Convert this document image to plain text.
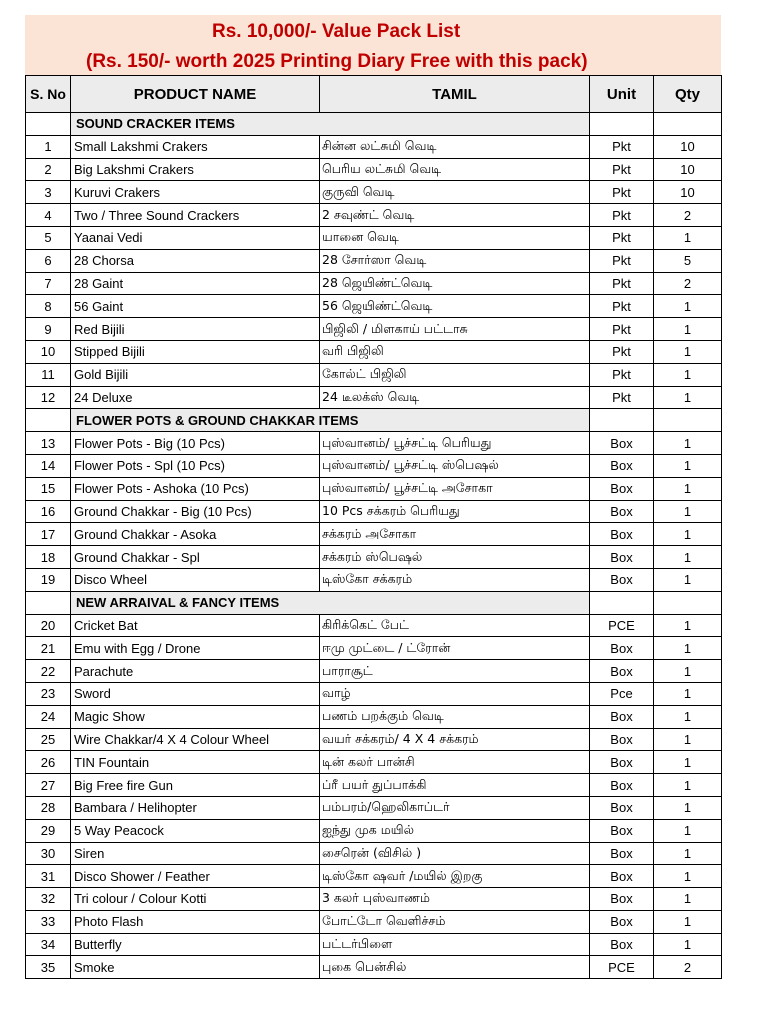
Rs. 10,000/- Value Pack List
(Rs. 150/- worth 2025 Printing Diary Free with this pack)
S. No	PRODUCT NAME	TAMIL	Unit	Qty
	SOUND CRACKER ITEMS			
1	Small Lakshmi Crakers	சின்ன லட்சுமி வெடி	Pkt	10
2	Big Lakshmi Crakers	பெரிய லட்சுமி வெடி	Pkt	10
3	Kuruvi Crakers	குருவி வெடி	Pkt	10
4	Two / Three Sound Crackers	2 சவுண்ட் வெடி	Pkt	2
5	Yaanai Vedi	யானை வெடி	Pkt	1
6	28 Chorsa	28 சோர்ஸா வெடி	Pkt	5
7	28 Gaint	28 ஜெயிண்ட்வெடி	Pkt	2
8	56 Gaint	56 ஜெயிண்ட்வெடி	Pkt	1
9	Red Bijili	பிஜிலி / மிளகாய் பட்டாசு	Pkt	1
10	Stipped Bijili	வரி பிஜிலி	Pkt	1
11	Gold Bijili	கோல்ட் பிஜிலி	Pkt	1
12	24 Deluxe	24 டீலக்ஸ் வெடி	Pkt	1
	FLOWER POTS & GROUND CHAKKAR ITEMS			
13	Flower Pots - Big (10 Pcs)	புஸ்வானம்/ பூச்சட்டி பெரியது	Box	1
14	Flower Pots - Spl (10 Pcs)	புஸ்வானம்/ பூச்சட்டி ஸ்பெஷல்	Box	1
15	Flower Pots - Ashoka (10 Pcs)	புஸ்வானம்/ பூச்சட்டி அசோகா	Box	1
16	Ground Chakkar - Big (10 Pcs)	10 Pcs சக்கரம் பெரியது	Box	1
17	Ground Chakkar - Asoka	சக்கரம் அசோகா	Box	1
18	Ground Chakkar - Spl	சக்கரம் ஸ்பெஷல்	Box	1
19	Disco Wheel	டிஸ்கோ சக்கரம்	Box	1
	NEW ARRAIVAL & FANCY ITEMS			
20	Cricket Bat	கிரிக்கெட் பேட்	PCE	1
21	Emu with Egg / Drone	ஈமு முட்டை / ட்ரோன்	Box	1
22	Parachute	பாராசூட்	Box	1
23	Sword	வாழ்	Pce	1
24	Magic Show	பணம் பறக்கும் வெடி	Box	1
25	Wire Chakkar/4 X 4 Colour Wheel	வயர் சக்கரம்/ 4 X 4 சக்கரம்	Box	1
26	TIN Fountain	டின் கலர் பான்சி	Box	1
27	Big Free fire Gun	ப்ரீ பயர் துப்பாக்கி	Box	1
28	Bambara / Helihopter	பம்பரம்/ஹெலிகாப்டர்	Box	1
29	5 Way Peacock	ஐந்து முக மயில்	Box	1
30	Siren	சைரென் (விசில் )	Box	1
31	Disco Shower / Feather	டிஸ்கோ ஷவர் /மயில் இறகு	Box	1
32	Tri colour / Colour Kotti	3 கலர் புஸ்வாணம்	Box	1
33	Photo Flash	போட்டோ வெளிச்சம்	Box	1
34	Butterfly	பட்டர்பிளை	Box	1
35	Smoke	புகை பென்சில்	PCE	2
